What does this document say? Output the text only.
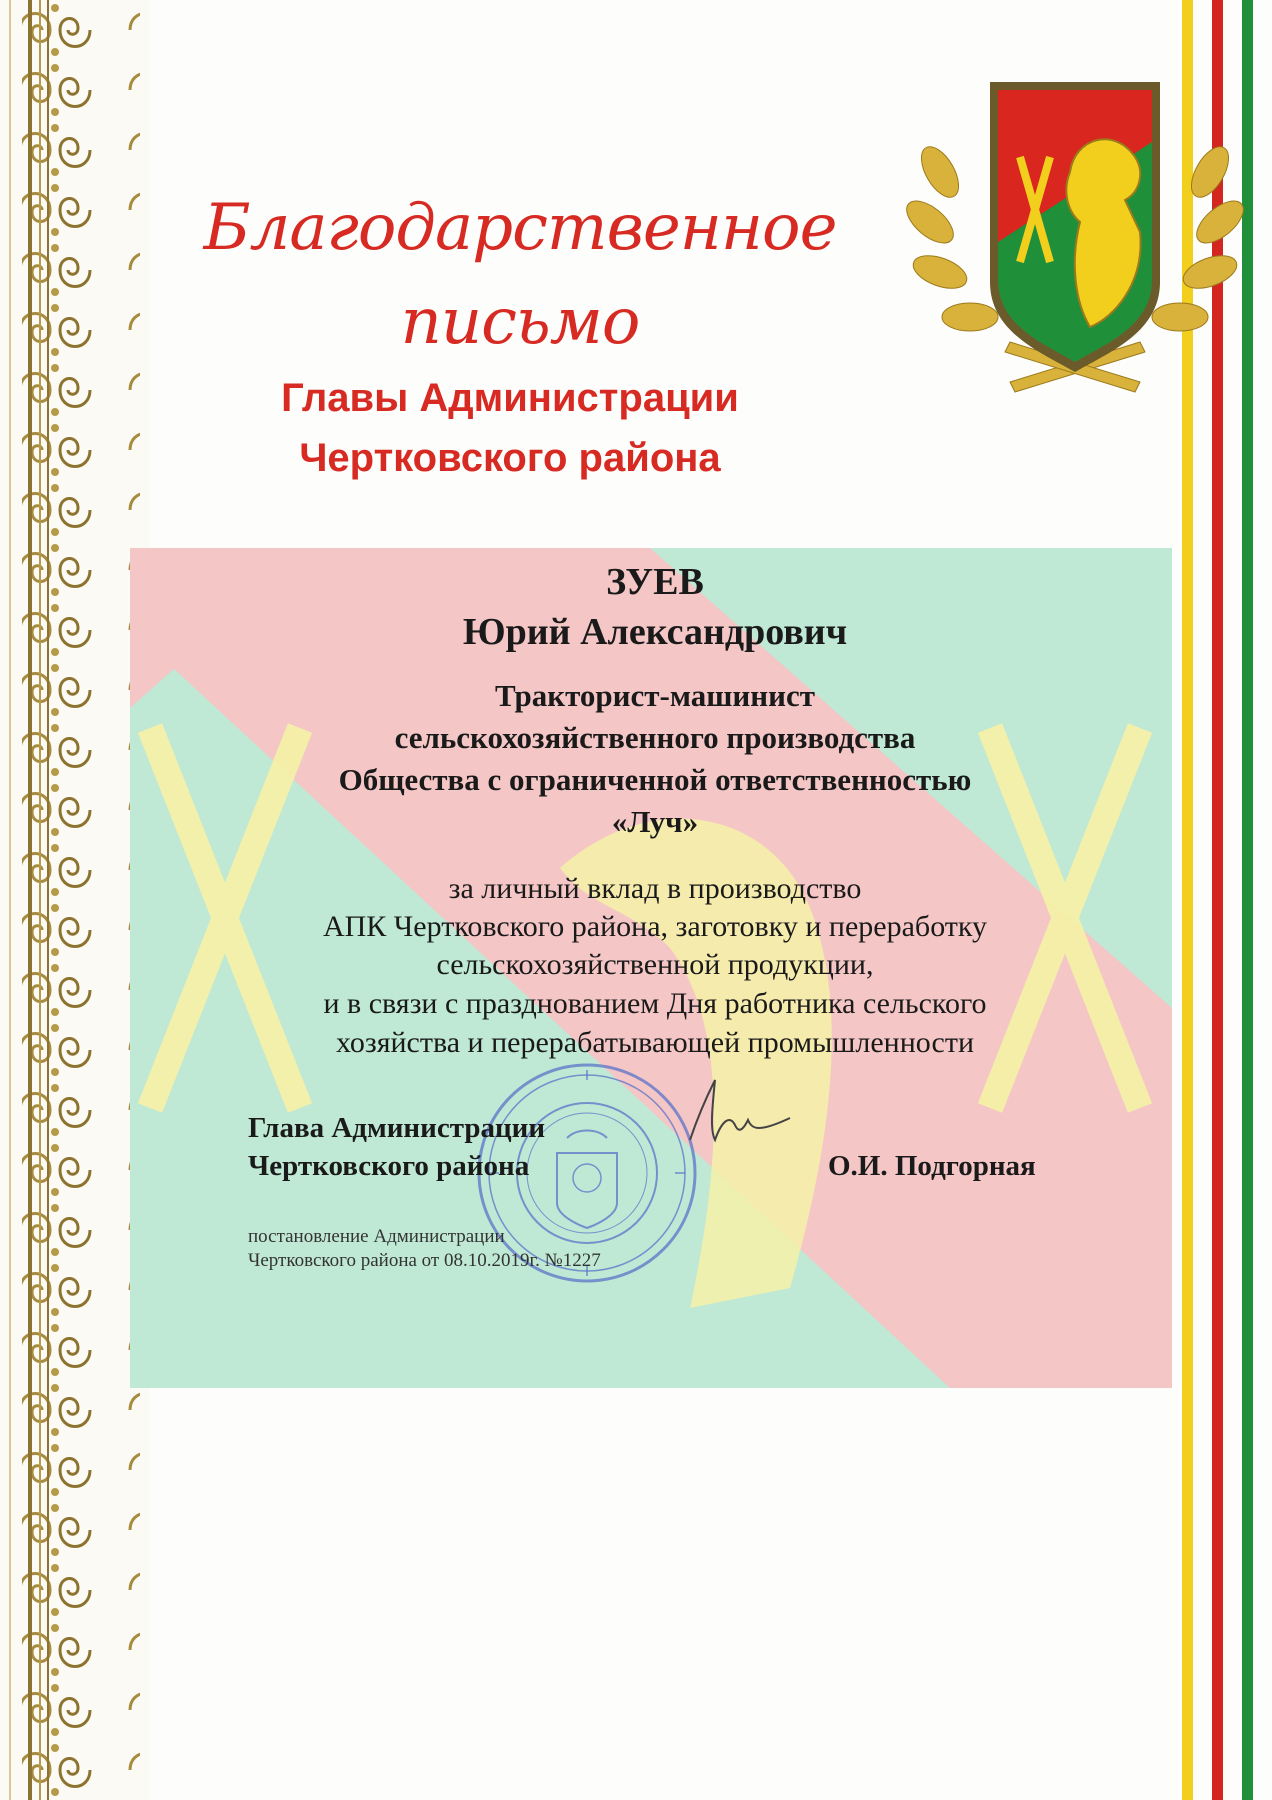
Благодарственное
письмо
Главы Администрации
Чертковского района
ЗУЕВ
Юрий Александрович
Тракторист-машинист
сельскохозяйственного производства
Общества с ограниченной ответственностью
«Луч»
за личный вклад в производство
АПК Чертковского района, заготовку и переработку
сельскохозяйственной продукции,
и в связи с празднованием Дня работника сельского
хозяйства и перерабатывающей промышленности
Глава Администрации
Чертковского района	О.И. Подгорная
постановление Администрации
Чертковского района от 08.10.2019г. №1227
